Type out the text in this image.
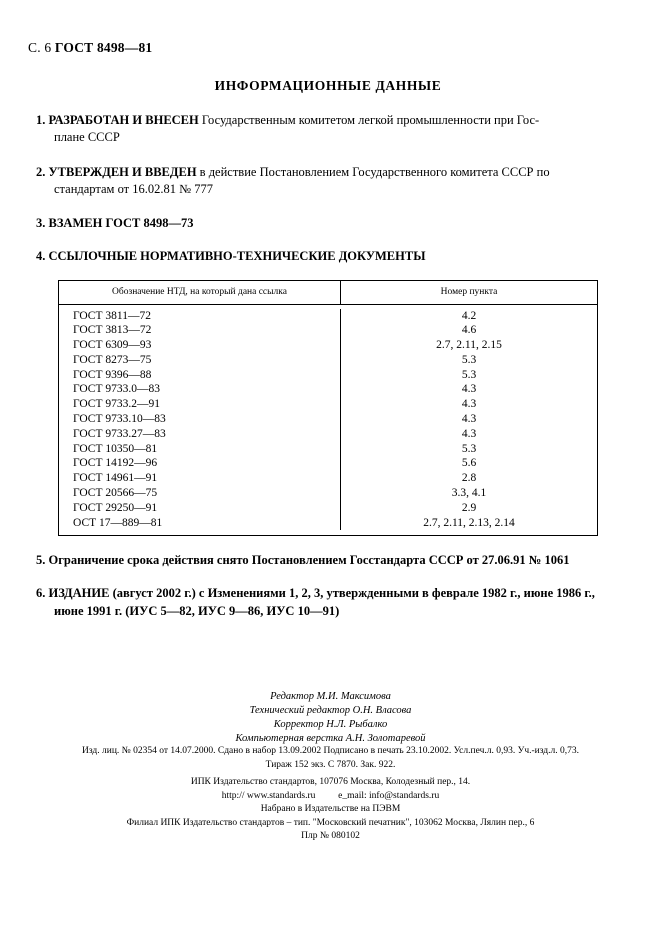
С. 6 ГОСТ 8498—81
ИНФОРМАЦИОННЫЕ ДАННЫЕ
1. РАЗРАБОТАН И ВНЕСЕН Государственным комитетом легкой промышленности при Гос-
плане СССР
2. УТВЕРЖДЕН И ВВЕДЕН в действие Постановлением Государственного комитета СССР по
стандартам от 16.02.81 № 777
3. ВЗАМЕН ГОСТ 8498—73
4. ССЫЛОЧНЫЕ НОРМАТИВНО-ТЕХНИЧЕСКИЕ ДОКУМЕНТЫ
Обозначение НТД, на который дана ссылка	Номер пункта
ГОСТ 3811—72	4.2
ГОСТ 3813—72	4.6
ГОСТ 6309—93	2.7, 2.11, 2.15
ГОСТ 8273—75	5.3
ГОСТ 9396—88	5.3
ГОСТ 9733.0—83	4.3
ГОСТ 9733.2—91	4.3
ГОСТ 9733.10—83	4.3
ГОСТ 9733.27—83	4.3
ГОСТ 10350—81	5.3
ГОСТ 14192—96	5.6
ГОСТ 14961—91	2.8
ГОСТ 20566—75	3.3, 4.1
ГОСТ 29250—91	2.9
ОСТ 17—889—81	2.7, 2.11, 2.13, 2.14
5. Ограничение срока действия снято Постановлением Госстандарта СССР от 27.06.91 № 1061
6. ИЗДАНИЕ (август 2002 г.) с Изменениями 1, 2, 3, утвержденными в феврале 1982 г., июне 1986 г.,
июне 1991 г. (ИУС 5—82, ИУС 9—86, ИУС 10—91)
Редактор М.И. Максимова
Технический редактор О.Н. Власова
Корректор Н.Л. Рыбалко
Компьютерная верстка А.Н. Золотаревой
Изд. лиц. № 02354 от 14.07.2000. Сдано в набор 13.09.2002 Подписано в печать 23.10.2002. Усл.печ.л. 0,93. Уч.-изд.л. 0,73.
Тираж 152 экз. С 7870. Зак. 922.
ИПК Издательство стандартов, 107076 Москва, Колодезный пер., 14.
http:// www.standards.ru e_mail: info@standards.ru
Набрано в Издательстве на ПЭВМ
Филиал ИПК Издательство стандартов – тип. "Московский печатник", 103062 Москва, Лялин пер., 6
Плр № 080102
